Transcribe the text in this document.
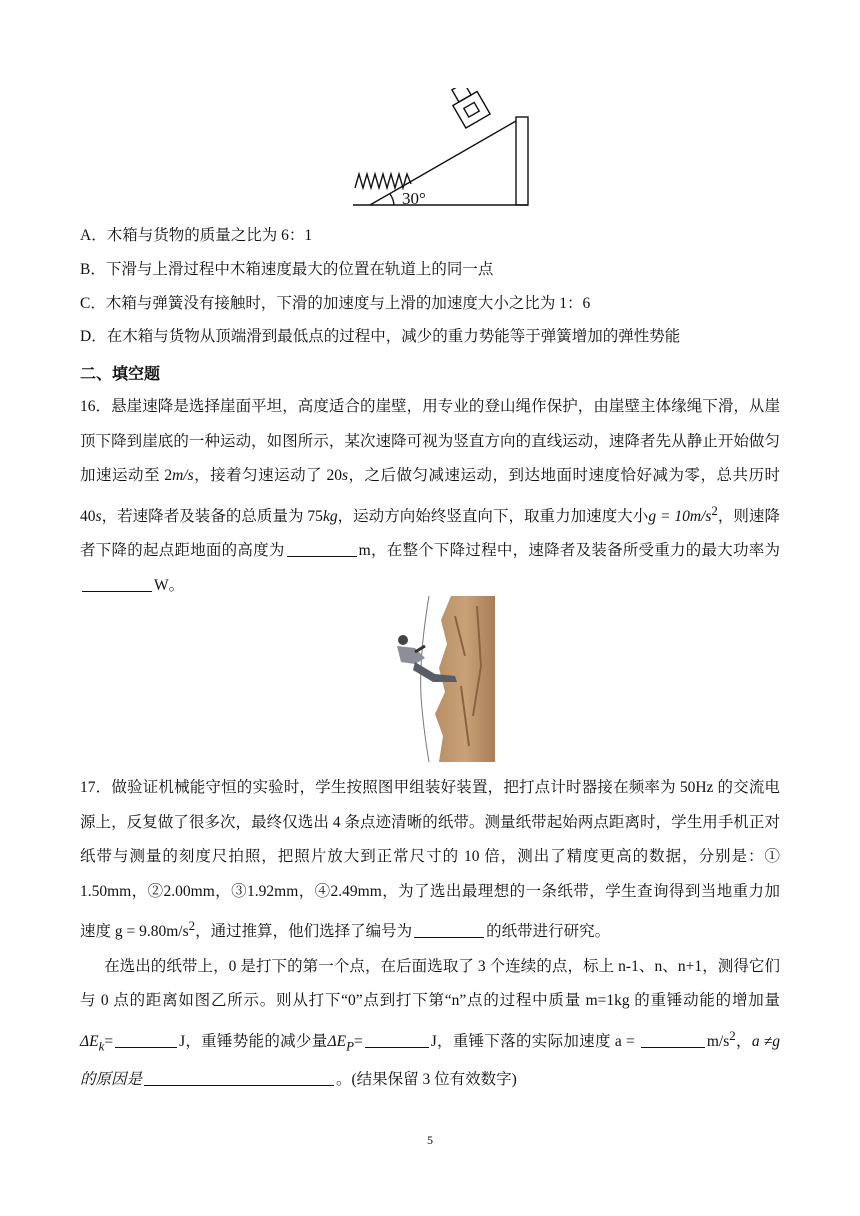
30°
A．木箱与货物的质量之比为 6：1
B．下滑与上滑过程中木箱速度最大的位置在轨道上的同一点
C．木箱与弹簧没有接触时，下滑的加速度与上滑的加速度大小之比为 1：6
D．在木箱与货物从顶端滑到最低点的过程中，减少的重力势能等于弹簧增加的弹性势能
二、填空题
16．悬崖速降是选择崖面平坦，高度适合的崖壁，用专业的登山绳作保护，由崖壁主体缘绳下滑，从崖顶下降到崖底的一种运动，如图所示，某次速降可视为竖直方向的直线运动，速降者先从静止开始做匀加速运动至 2m/s，接着匀速运动了 20s，之后做匀减速运动，到达地面时速度恰好减为零，总共历时 40s，若速降者及装备的总质量为 75kg，运动方向始终竖直向下，取重力加速度大小$g = 10m/s^2$，则速降者下降的起点距地面的高度为	m，在整个下降过程中，速降者及装备所受重力的最大功率为W。
17．做验证机械能守恒的实验时，学生按照图甲组装好装置，把打点计时器接在频率为 50Hz 的交流电源上，反复做了很多次，最终仅选出 4 条点迹清晰的纸带。测量纸带起始两点距离时，学生用手机正对纸带与测量的刻度尺拍照，把照片放大到正常尺寸的 10 倍，测出了精度更高的数据，分别是：① 1.50mm，②2.00mm，③1.92mm，④2.49mm，为了选出最理想的一条纸带，学生查询得到当地重力加速度 $g = 9.80m/s^2$，通过推算，他们选择了编号为	的纸带进行研究。
在选出的纸带上，0 是打下的第一个点，在后面选取了 3 个连续的点，标上 n-1、n、n+1，测得它们与 0 点的距离如图乙所示。则从打下“0”点到打下第“n”点的过程中质量 m=1kg 的重锤动能的增加量$\Delta E_k=$	J，重锤势能的减少量$\Delta E_P=$	J，重锤下落的实际加速度 a =	$m/s^2$，a ≠g 的原因是	。(结果保留 3 位有效数字)
5
